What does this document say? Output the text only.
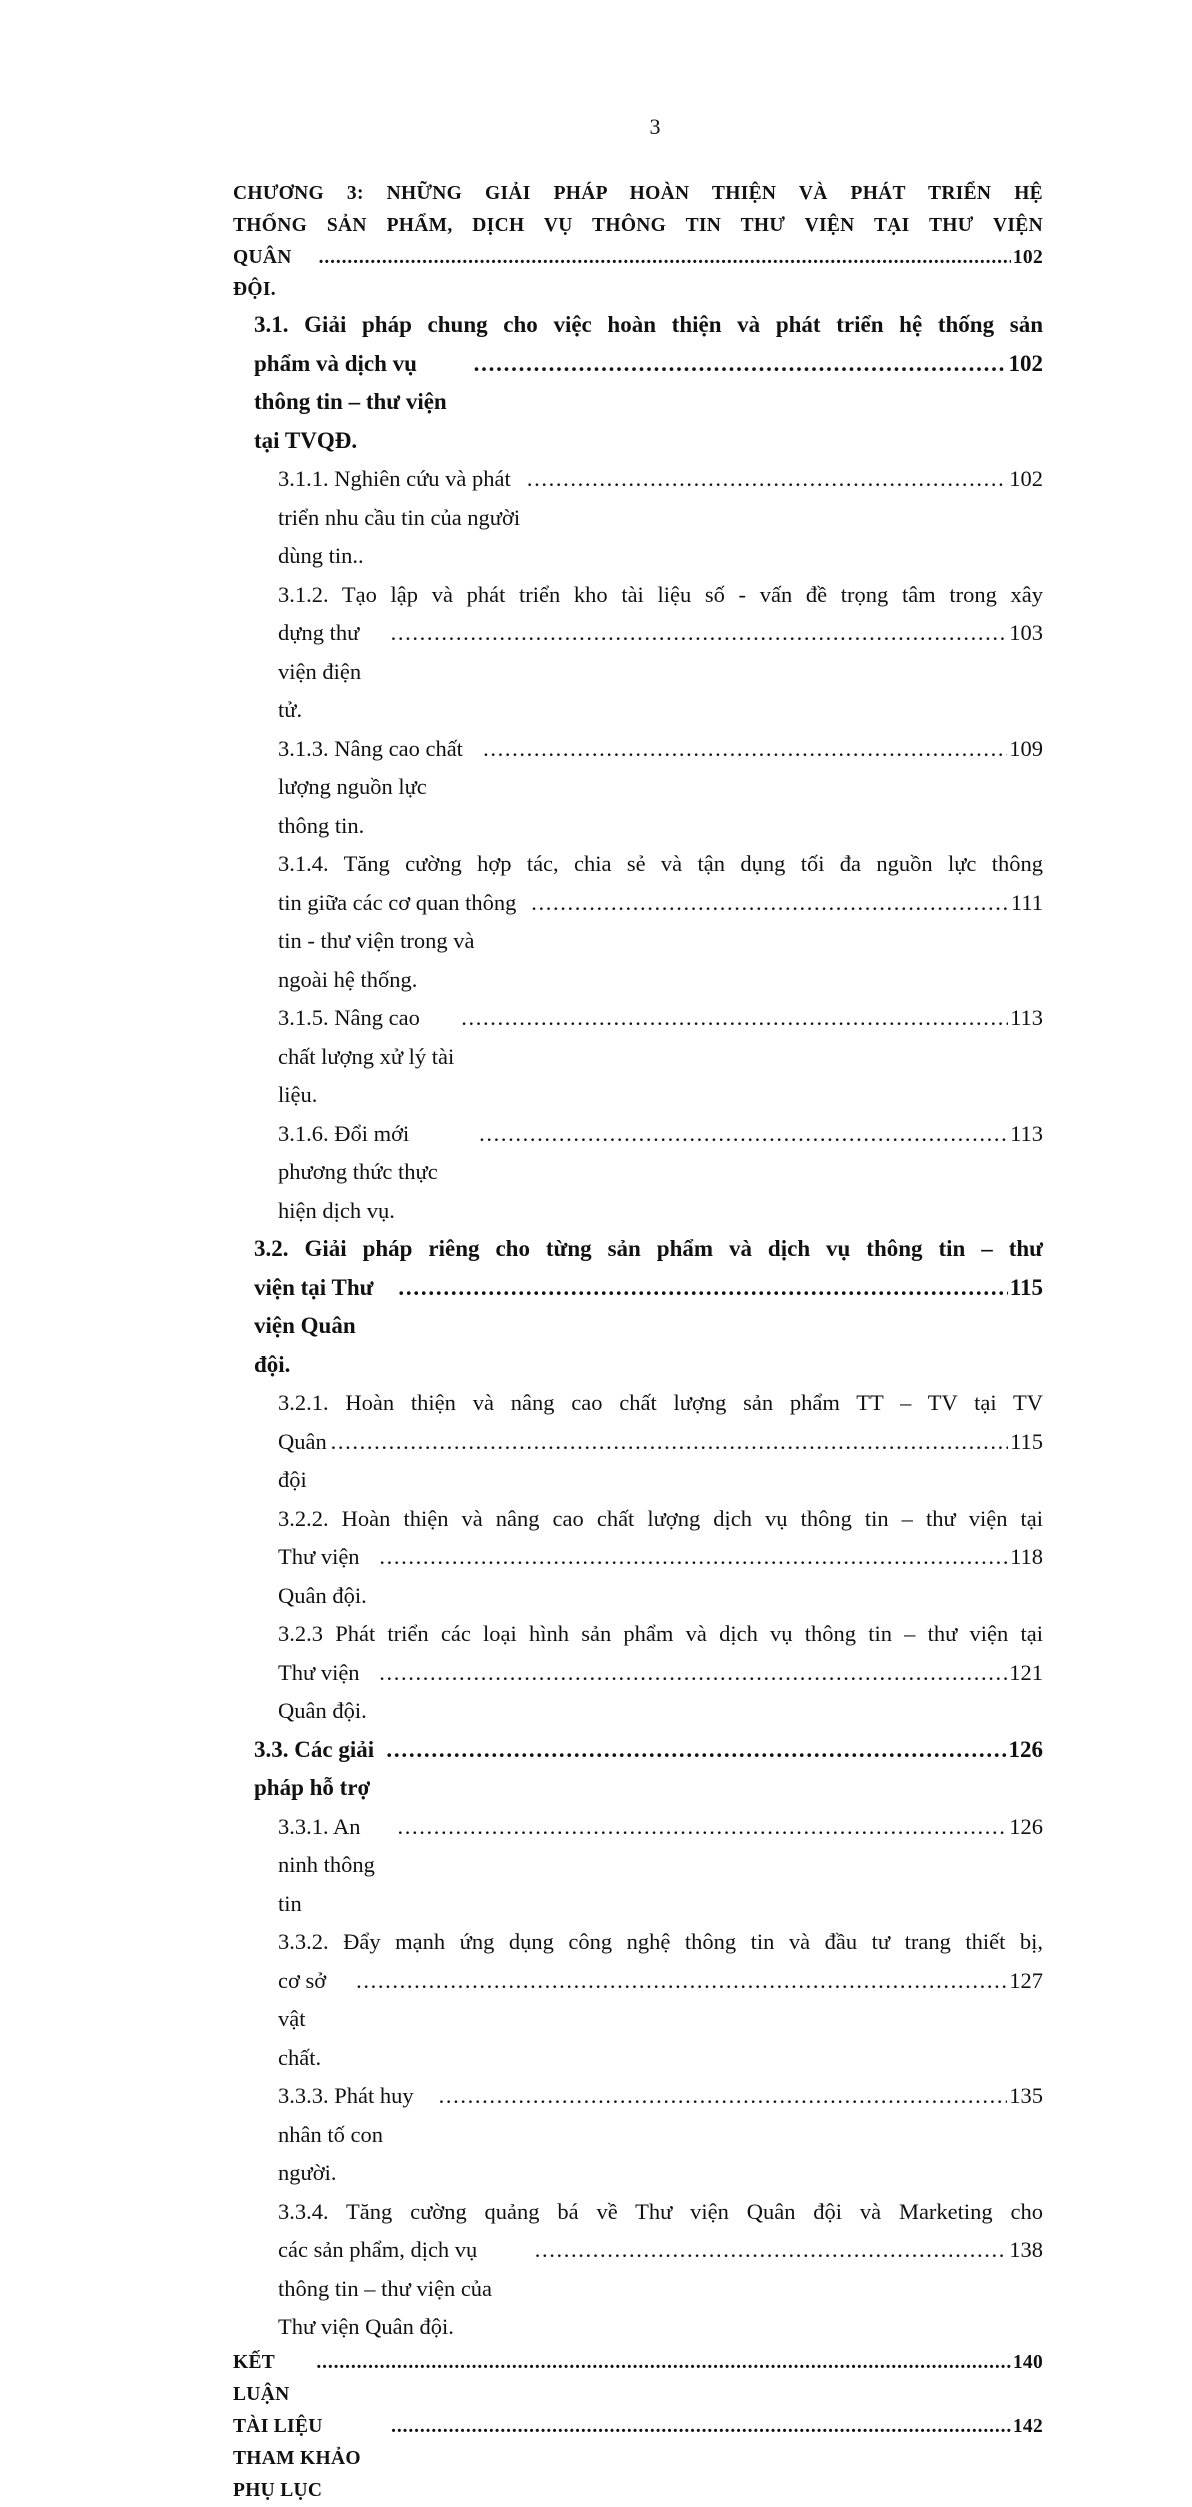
3
CHƯƠNG 3: NHỮNG GIẢI PHÁP HOÀN THIỆN VÀ PHÁT TRIỂN HỆ
THỐNG SẢN PHẨM, DỊCH VỤ THÔNG TIN THƯ VIỆN TẠI THƯ VIỆN
QUÂN ĐỘI.
. . .
102
3.1. Giải pháp chung cho việc hoàn thiện và phát triển hệ thống sản
phẩm và dịch vụ thông tin – thư viện tại TVQĐ.
. . .
102
3.1.1. Nghiên cứu và phát triển nhu cầu tin của người dùng tin..
. . .
102
3.1.2. Tạo lập và phát triển kho tài liệu số - vấn đề trọng tâm trong xây
dựng thư viện điện tử.
. . .
103
3.1.3. Nâng cao chất lượng nguồn lực thông tin.
. . .
109
3.1.4. Tăng cường hợp tác, chia sẻ và tận dụng tối đa nguồn lực thông
tin giữa các cơ quan thông tin - thư viện trong và ngoài hệ thống.
. . .
111
3.1.5. Nâng cao chất lượng xử lý tài liệu.
. . .
113
3.1.6. Đổi mới phương thức thực hiện dịch vụ.
. . .
113
3.2. Giải pháp riêng cho từng sản phẩm và dịch vụ thông tin – thư
viện tại Thư viện Quân đội.
. . .
115
3.2.1. Hoàn thiện và nâng cao chất lượng sản phẩm TT – TV tại TV
Quân đội
. . .
115
3.2.2. Hoàn thiện và nâng cao chất lượng dịch vụ thông tin – thư viện tại
Thư viện Quân đội.
. . .
118
3.2.3 Phát triển các loại hình sản phẩm và dịch vụ thông tin – thư viện tại
Thư viện Quân đội.
. . .
121
3.3. Các giải pháp hỗ trợ
. . .
126
3.3.1. An ninh thông tin
. . .
126
3.3.2. Đẩy mạnh ứng dụng công nghệ thông tin và đầu tư trang thiết bị,
cơ sở vật chất.
. . .
127
3.3.3. Phát huy nhân tố con người.
. . .
135
3.3.4. Tăng cường quảng bá về Thư viện Quân đội và Marketing cho
các sản phẩm, dịch vụ thông tin – thư viện của Thư viện Quân đội.
. . .
138
KẾT LUẬN
. . .
140
TÀI LIỆU THAM KHẢO
. . .
142
PHỤ LỤC
